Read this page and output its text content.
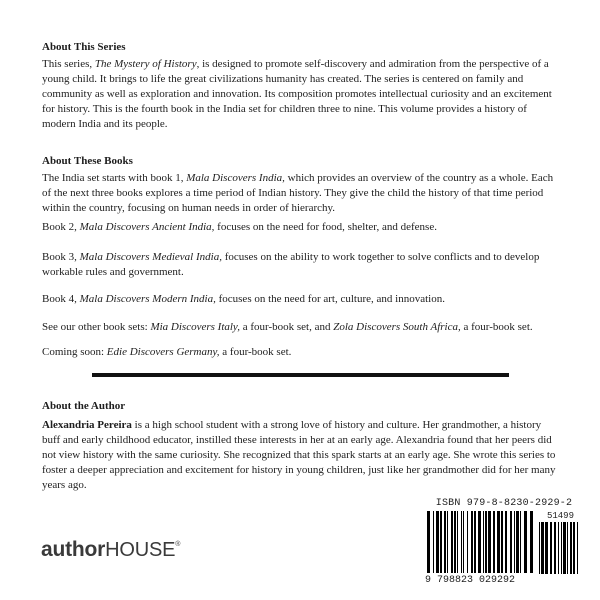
About This Series

This series, The Mystery of History, is designed to promote self-discovery and admiration from the perspective of a young child. It brings to life the great civilizations humanity has created. The series is centered on family and community as well as exploration and innovation. Its composition promotes intellectual curiosity and an excitement for history. This is the fourth book in the India set for children three to nine. This volume provides a history of modern India and its people.

About These Books

The India set starts with book 1, Mala Discovers India, which provides an overview of the country as a whole. Each of the next three books explores a time period of Indian history. They give the child the history of that time period within the country, focusing on human needs in order of hierarchy.

Book 2, Mala Discovers Ancient India, focuses on the need for food, shelter, and defense.

Book 3, Mala Discovers Medieval India, focuses on the ability to work together to solve conflicts and to develop workable rules and government.

Book 4, Mala Discovers Modern India, focuses on the need for art, culture, and innovation.

See our other book sets: Mia Discovers Italy, a four-book set, and Zola Discovers South Africa, a four-book set.

Coming soon: Edie Discovers Germany, a four-book set.

About the Author

Alexandria Pereira is a high school student with a strong love of history and culture. Her grandmother, a history buff and early childhood educator, instilled these interests in her at an early age. Alexandria found that her peers did not view history with the same curiosity. She recognized that this spark starts at an early age. She wrote this series to foster a deeper appreciation and excitement for history in young children, just like her grandmother did for her many years ago.

authorHOUSE®
ISBN 979-8-8230-2929-2
51499
9 798823 029292
